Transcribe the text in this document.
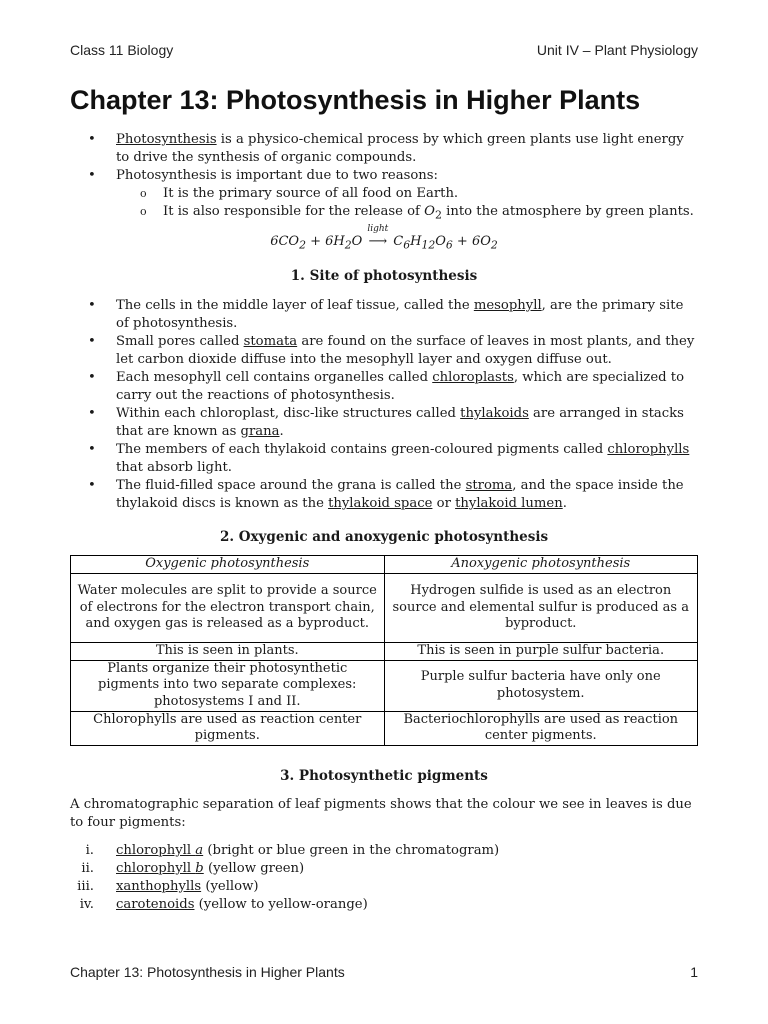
Class 11 Biology	Unit IV – Plant Physiology
Chapter 13: Photosynthesis in Higher Plants
• Photosynthesis is a physico-chemical process by which green plants use light energy to drive the synthesis of organic compounds.
• Photosynthesis is important due to two reasons:
o It is the primary source of all food on Earth.
o It is also responsible for the release of $O_2$ into the atmosphere by green plants.
$6CO_2 + 6H_2O$
light
⟶ $C_6H_{12}O_6 + 6O_2$
1. Site of photosynthesis
• The cells in the middle layer of leaf tissue, called the mesophyll, are the primary site of photosynthesis.
• Small pores called stomata are found on the surface of leaves in most plants, and they let carbon dioxide diffuse into the mesophyll layer and oxygen diffuse out.
• Each mesophyll cell contains organelles called chloroplasts, which are specialized to carry out the reactions of photosynthesis.
• Within each chloroplast, disc-like structures called thylakoids are arranged in stacks that are known as grana.
• The members of each thylakoid contains green-coloured pigments called chlorophylls that absorb light.
• The fluid-filled space around the grana is called the stroma, and the space inside the thylakoid discs is known as the thylakoid space or thylakoid lumen.
2. Oxygenic and anoxygenic photosynthesis
Oxygenic photosynthesis	Anoxygenic photosynthesis
Water molecules are split to provide a source of electrons for the electron transport chain, and oxygen gas is released as a byproduct.	Hydrogen sulfide is used as an electron source and elemental sulfur is produced as a byproduct.
This is seen in plants.	This is seen in purple sulfur bacteria.
Plants organize their photosynthetic pigments into two separate complexes: photosystems I and II.	Purple sulfur bacteria have only one photosystem.
Chlorophylls are used as reaction center pigments.	Bacteriochlorophylls are used as reaction center pigments.
3. Photosynthetic pigments
A chromatographic separation of leaf pigments shows that the colour we see in leaves is due to four pigments:
i. chlorophyll a (bright or blue green in the chromatogram)
ii. chlorophyll b (yellow green)
iii. xanthophylls (yellow)
iv. carotenoids (yellow to yellow-orange)
Chapter 13: Photosynthesis in Higher Plants	1
